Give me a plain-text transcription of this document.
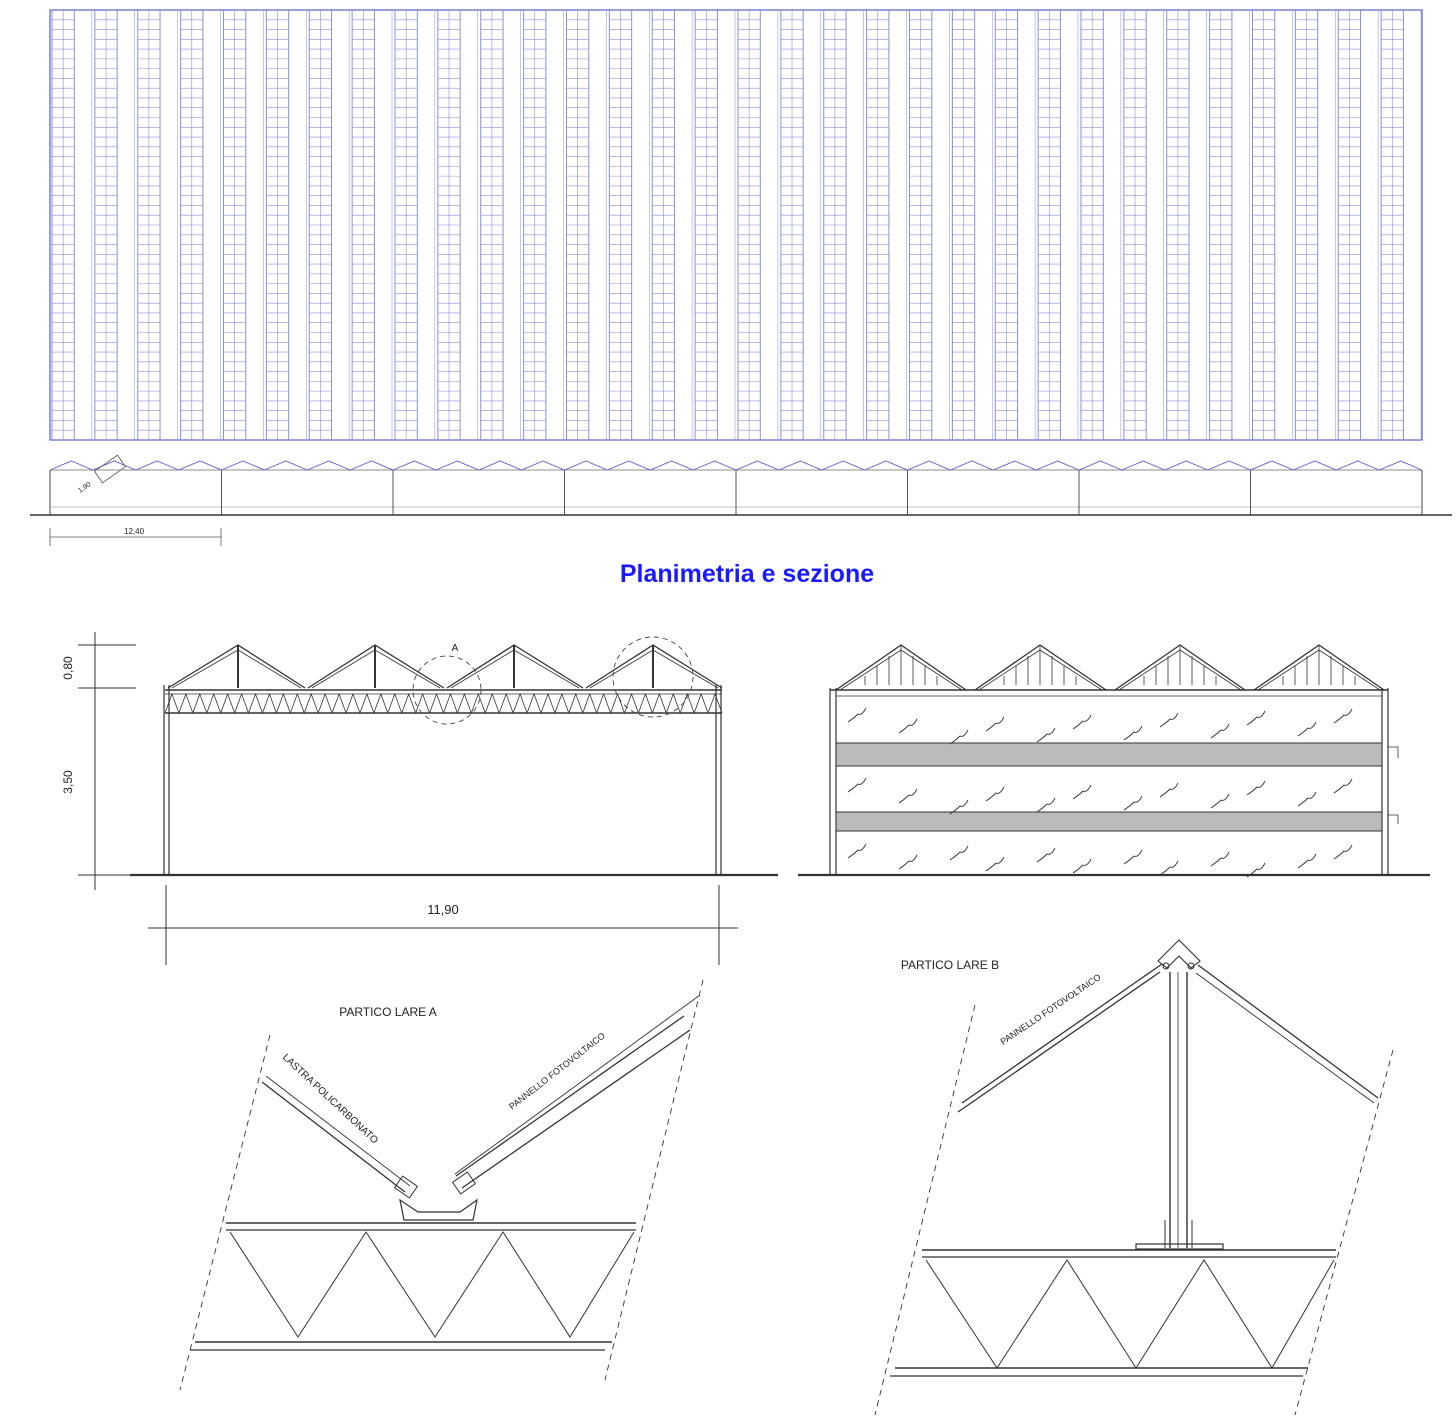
12,40
1,90
Planimetria e sezione
0,80
3,50
11,90
A
PARTICO LARE A
LASTRA POLICARBONATO	PANNELLO FOTOVOLTAICO
PARTICO LARE B
PANNELLO FOTOVOLTAICO
